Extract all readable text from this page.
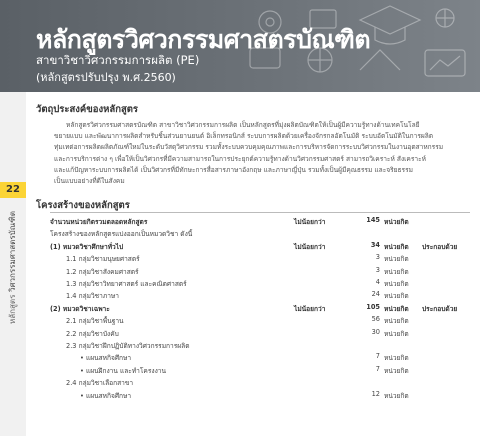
หลักสูตรวิศวกรรมศาสตรบัณฑิต
สาขาวิชาวิศวกรรมการผลิต (PE)
(หลักสูตรปรับปรุง พ.ศ.2560)
22
หลักสูตร วิศวกรรมศาสตรบัณฑิต
วัตถุประสงค์ของหลักสูตร
หลักสูตรวิศวกรรมศาสตรบัณฑิต สาขาวิชาวิศวกรรมการผลิต เป็นหลักสูตรที่มุ่งผลิตบัณฑิตให้เป็นผู้มีความรู้ทางด้านเทคโนโลยี
ขยายแบบ และพัฒนาการผลิตสำหรับชิ้นส่วนยานยนต์ อิเล็กทรอนิกส์ ระบบการผลิตด้วยเครื่องจักรกลอัตโนมัติ ระบบอัตโนมัติในการผลิต
ทุ่มเทต่อการผลิตผลิตภัณฑ์ใหม่ในระดับวัสดุวิศวกรรม รวมทั้งระบบควบคุมคุณภาพและการบริหารจัดการระบบวิศวกรรมในงานอุตสาหกรรม
และการบริการต่าง ๆ เพื่อให้เป็นวิศวกรที่มีความสามารถในการประยุกต์ความรู้ทางด้านวิศวกรรมศาสตร์ สามารถวิเคราะห์ สังเคราะห์
และแก้ปัญหาระบบการผลิตได้ เป็นวิศวกรที่มีทักษะการสื่อสารภาษาอังกฤษ และภาษาญี่ปุ่น รวมทั้งเป็นผู้มีคุณธรรม และจริยธรรม
เป็นแบบอย่างที่ดีในสังคม
โครงสร้างของหลักสูตร
จำนวนหน่วยกิตรวมตลอดหลักสูตร	ไม่น้อยกว่า	145 หน่วยกิต
โครงสร้างของหลักสูตรแบ่งออกเป็นหมวดวิชา ดังนี้
(1) หมวดวิชาศึกษาทั่วไป	ไม่น้อยกว่า	34 หน่วยกิต ประกอบด้วย
1.1 กลุ่มวิชามนุษยศาสตร์	3 หน่วยกิต
1.2 กลุ่มวิชาสังคมศาสตร์	3 หน่วยกิต
1.3 กลุ่มวิชาวิทยาศาสตร์ และคณิตศาสตร์	4 หน่วยกิต
1.4 กลุ่มวิชาภาษา	24 หน่วยกิต
(2) หมวดวิชาเฉพาะ	ไม่น้อยกว่า	105 หน่วยกิต ประกอบด้วย
2.1 กลุ่มวิชาพื้นฐาน	56 หน่วยกิต
2.2 กลุ่มวิชาบังคับ	30 หน่วยกิต
2.3 กลุ่มวิชาฝึกปฏิบัติทางวิศวกรรมการผลิต
• แผนสหกิจศึกษา	7 หน่วยกิต
• แผนฝึกงาน และทำโครงงาน	7 หน่วยกิต
2.4 กลุ่มวิชาเลือกสาขา
• แผนสหกิจศึกษา	12 หน่วยกิต
